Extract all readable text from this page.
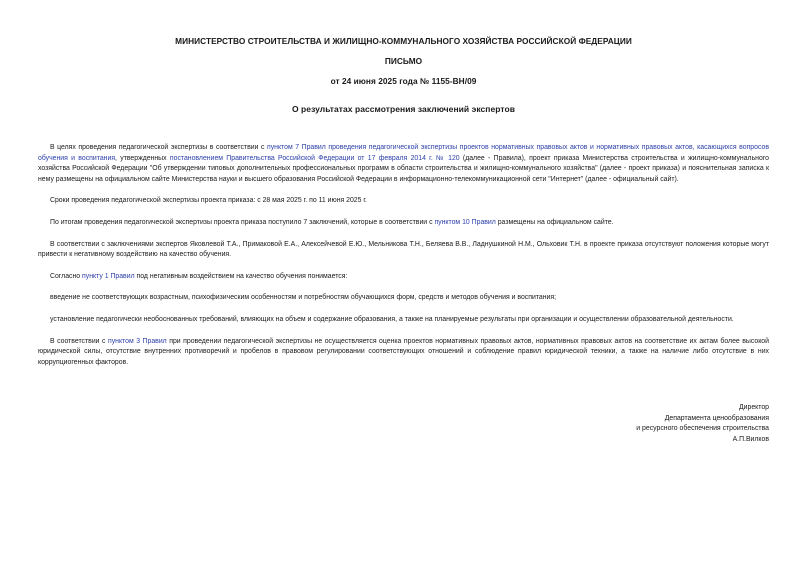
МИНИСТЕРСТВО СТРОИТЕЛЬСТВА И ЖИЛИЩНО-КОММУНАЛЬНОГО ХОЗЯЙСТВА РОССИЙСКОЙ ФЕДЕРАЦИИ
ПИСЬМО
от 24 июня 2025 года № 1155-ВН/09
О результатах рассмотрения заключений экспертов

В целях проведения педагогической экспертизы в соответствии с пунктом 7 Правил проведения педагогической экспертизы проектов нормативных правовых актов и нормативных правовых актов, касающихся вопросов обучения и воспитания, утвержденных постановлением Правительства Российской Федерации от 17 февраля 2014 г. № 120 (далее - Правила), проект приказа Министерства строительства и жилищно-коммунального хозяйства Российской Федерации "Об утверждении типовых дополнительных профессиональных программ в области строительства и жилищно-коммунального хозяйства" (далее - проект приказа) и пояснительная записка к нему размещены на официальном сайте Министерства науки и высшего образования Российской Федерации в информационно-телекоммуникационной сети "Интернет" (далее - официальный сайт).

Сроки проведения педагогической экспертизы проекта приказа: с 28 мая 2025 г. по 11 июня 2025 г.

По итогам проведения педагогической экспертизы проекта приказа поступило 7 заключений, которые в соответствии с пунктом 10 Правил размещены на официальном сайте.

В соответствии с заключениями экспертов Яковлевой Т.А., Примаковой Е.А., Алексейчевой Е.Ю., Мельникова Т.Н., Беляева В.В., Ладнушкиной Н.М., Ольховик Т.Н. в проекте приказа отсутствуют положения которые могут привести к негативному воздействию на качество обучения.

Согласно пункту 1 Правил под негативным воздействием на качество обучения понимается:

введение не соответствующих возрастным, психофизическим особенностям и потребностям обучающихся форм, средств и методов обучения и воспитания;

установление педагогически необоснованных требований, влияющих на объем и содержание образования, а также на планируемые результаты при организации и осуществлении образовательной деятельности.

В соответствии с пунктом 3 Правил при проведении педагогической экспертизы не осуществляется оценка проектов нормативных правовых актов, нормативных правовых актов на соответствие их актам более высокой юридической силы, отсутствие внутренних противоречий и пробелов в правовом регулировании соответствующих отношений и соблюдение правил юридической техники, а также на наличие либо отсутствие в них коррупциогенных факторов.

Директор
Департамента ценообразования
и ресурсного обеспечения строительства
А.П.Вилков
